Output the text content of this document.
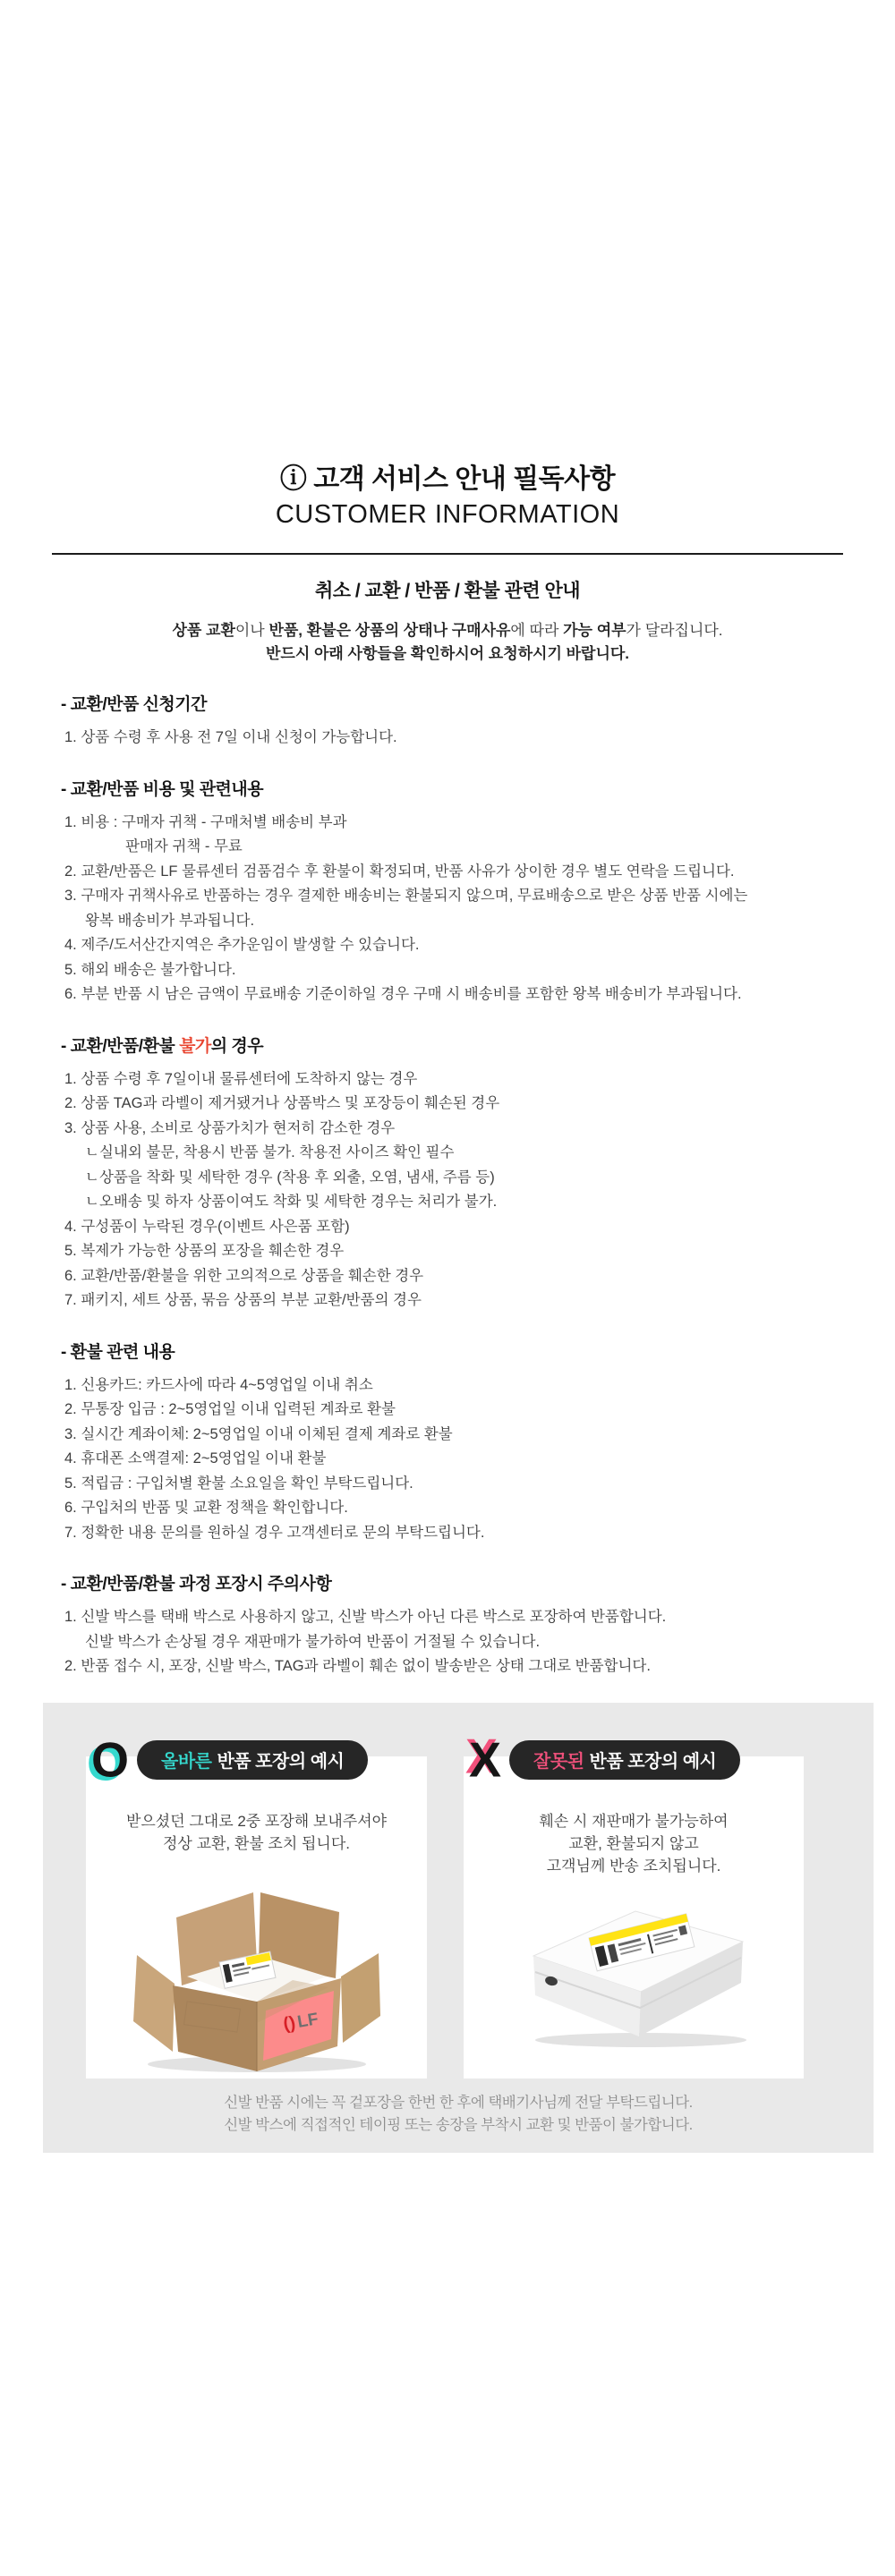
ⓘ 고객 서비스 안내 필독사항
CUSTOMER INFORMATION
취소 / 교환 / 반품 / 환불 관련 안내
상품 교환이나 반품, 환불은 상품의 상태나 구매사유에 따라 가능 여부가 달라집니다.
반드시 아래 사항들을 확인하시어 요청하시기 바랍니다.
- 교환/반품 신청기간
1. 상품 수령 후 사용 전 7일 이내 신청이 가능합니다.
- 교환/반품 비용 및 관련내용
1. 비용 : 구매자 귀책 - 구매처별 배송비 부과
판매자 귀책 - 무료
2. 교환/반품은 LF 물류센터 검품검수 후 환불이 확정되며, 반품 사유가 상이한 경우 별도 연락을 드립니다.
3. 구매자 귀책사유로 반품하는 경우 결제한 배송비는 환불되지 않으며, 무료배송으로 받은 상품 반품 시에는
왕복 배송비가 부과됩니다.
4. 제주/도서산간지역은 추가운임이 발생할 수 있습니다.
5. 해외 배송은 불가합니다.
6. 부분 반품 시 남은 금액이 무료배송 기준이하일 경우 구매 시 배송비를 포함한 왕복 배송비가 부과됩니다.
- 교환/반품/환불 불가의 경우
1. 상품 수령 후 7일이내 물류센터에 도착하지 않는 경우
2. 상품 TAG과 라벨이 제거됐거나 상품박스 및 포장등이 훼손된 경우
3. 상품 사용, 소비로 상품가치가 현저히 감소한 경우
ㄴ실내외 불문, 착용시 반품 불가. 착용전 사이즈 확인 필수
ㄴ상품을 착화 및 세탁한 경우 (착용 후 외출, 오염, 냄새, 주름 등)
ㄴ오배송 및 하자 상품이여도 착화 및 세탁한 경우는 처리가 불가.
4. 구성품이 누락된 경우(이벤트 사은품 포함)
5. 복제가 가능한 상품의 포장을 훼손한 경우
6. 교환/반품/환불을 위한 고의적으로 상품을 훼손한 경우
7. 패키지, 세트 상품, 묶음 상품의 부분 교환/반품의 경우
- 환불 관련 내용
1. 신용카드: 카드사에 따라 4~5영업일 이내 취소
2. 무통장 입금 : 2~5영업일 이내 입력된 계좌로 환불
3. 실시간 계좌이체: 2~5영업일 이내 이체된 결제 계좌로 환불
4. 휴대폰 소액결제: 2~5영업일 이내 환불
5. 적립금 : 구입처별 환불 소요일을 확인 부탁드립니다.
6. 구입처의 반품 및 교환 정책을 확인합니다.
7. 정확한 내용 문의를 원하실 경우 고객센터로 문의 부탁드립니다.
- 교환/반품/환불 과정 포장시 주의사항
1. 신발 박스를 택배 박스로 사용하지 않고, 신발 박스가 아닌 다른 박스로 포장하여 반품합니다.
신발 박스가 손상될 경우 재판매가 불가하여 반품이 거절될 수 있습니다.
2. 반품 접수 시, 포장, 신발 박스, TAG과 라벨이 훼손 없이 발송받은 상태 그대로 반품합니다.
O 올바른 반품 포장의 예시
받으셨던 그대로 2중 포장해 보내주셔야
정상 교환, 환불 조치 됩니다.
()
LF
X 잘못된 반품 포장의 예시
훼손 시 재판매가 불가능하여
교환, 환불되지 않고
고객님께 반송 조치됩니다.
신발 반품 시에는 꼭 겉포장을 한번 한 후에 택배기사님께 전달 부탁드립니다.
신발 박스에 직접적인 테이핑 또는 송장을 부착시 교환 및 반품이 불가합니다.
